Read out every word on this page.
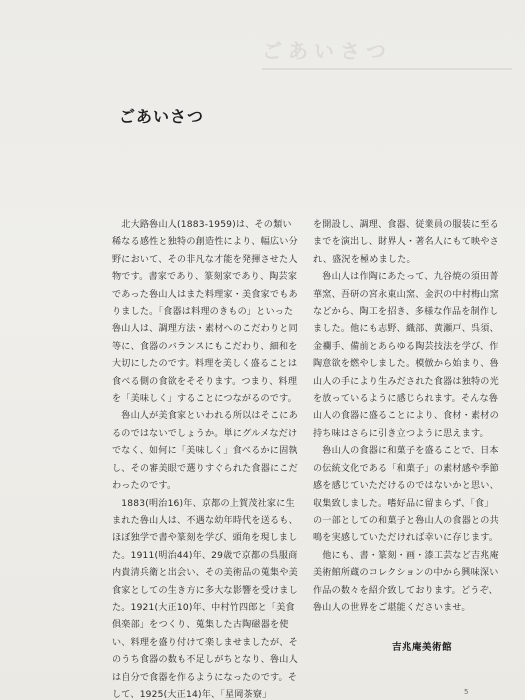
ごあいさつ
ごあいさつ

　北大路魯山人(1883-1959)は、その類い稀なる感性と独特の創造性により、幅広い分野において、その非凡な才能を発揮させた人物です。書家であり、篆刻家であり、陶芸家であった魯山人はまた料理家・美食家でもありました。「食器は料理のきもの」といった魯山人は、調理方法・素材へのこだわりと同等に、食器のバランスにもこだわり、細和を大切にしたのです。料理を美しく盛ることは食べる側の食欲をそそります。つまり、料理を「美味しく」することにつながるのです。

　魯山人が美食家といわれる所以はそこにあるのではないでしょうか。単にグルメなだけでなく、如何に「美味しく」食べるかに固執し、その審美眼で選りすぐられた食器にこだわったのです。

　1883(明治16)年、京都の上賀茂社家に生まれた魯山人は、不遇な幼年時代を送るも、ほぼ独学で書や篆刻を学び、頭角を現しました。1911(明治44)年、29歳で京都の呉服商内貴清兵衛と出会い、その美術品の蒐集や美食家としての生き方に多大な影響を受けました。1921(大正10)年、中村竹四郎と「美食俱楽部」をつくり、蒐集した古陶磁器を使い、料理を盛り付けて楽しませましたが、そのうち食器の数も不足しがちとなり、魯山人は自分で食器を作るようになったのです。そして、1925(大正14)年、「星岡茶寮」

を開設し、調理、食器、従業員の服装に至るまでを演出し、財界人・著名人にもて映やされ、盛況を極めました。

　魯山人は作陶にあたって、九谷焼の須田菁華窯、吾研の宮永東山窯、金沢の中村梅山窯などから、陶工を招き、多様な作品を制作しました。他にも志野、織部、黄瀬戸、呉須、金襴手、備前とあらゆる陶芸技法を学び、作陶意欲を燃やしました。模倣から始まり、魯山人の手により生みだされた食器は独特の光を放っているように感じられます。そんな魯山人の食器に盛ることにより、食材・素材の持ち味はさらに引き立つように思えます。

　魯山人の食器に和菓子を盛ることで、日本の伝統文化である「和菓子」の素材感や季節感を感じていただけるのではないかと思い、収集致しました。嗜好品に留まらず、「食」の一部としての和菓子と魯山人の食器との共鳴を実感していただければ幸いに存じます。

　他にも、書・篆刻・画・漆工芸など吉兆庵美術館所蔵のコレクションの中から興味深い作品の数々を紹介致しております。どうぞ、魯山人の世界をご堪能くださいませ。

吉兆庵美術館
5
